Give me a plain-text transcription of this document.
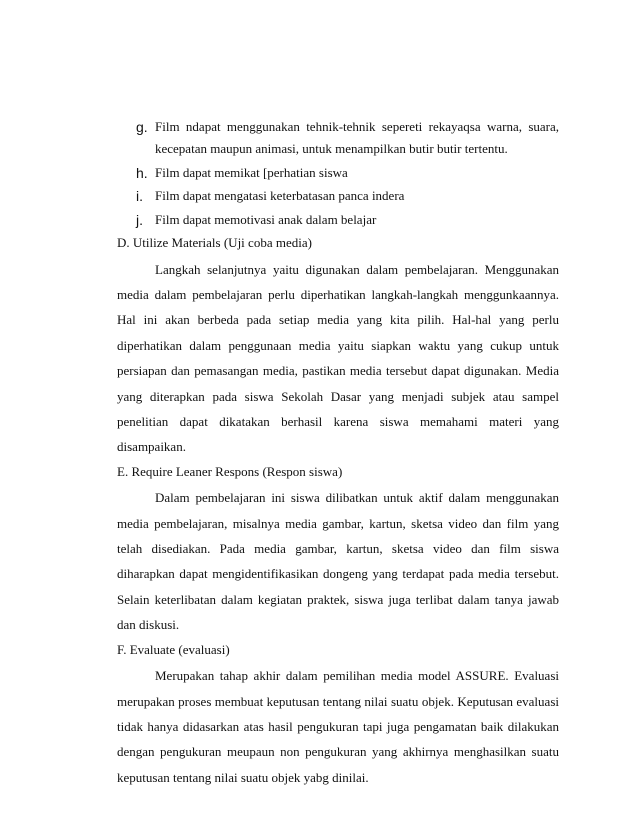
g. Film ndapat menggunakan tehnik-tehnik sepereti rekayaqsa warna, suara, kecepatan maupun animasi, untuk menampilkan butir butir tertentu.
h. Film dapat memikat [perhatian siswa
i. Film dapat mengatasi keterbatasan panca indera
j. Film dapat memotivasi anak dalam belajar
D. Utilize Materials (Uji coba media)

Langkah selanjutnya yaitu digunakan dalam pembelajaran. Menggunakan media dalam pembelajaran perlu diperhatikan langkah-langkah menggunkaannya. Hal ini akan berbeda pada setiap media yang kita pilih. Hal-hal yang perlu diperhatikan dalam penggunaan media yaitu siapkan waktu yang cukup untuk persiapan dan pemasangan media, pastikan media tersebut dapat digunakan. Media yang diterapkan pada siswa Sekolah Dasar yang menjadi subjek atau sampel penelitian dapat dikatakan berhasil karena siswa memahami materi yang disampaikan.

E. Require Leaner Respons (Respon siswa)

Dalam pembelajaran ini siswa dilibatkan untuk aktif dalam menggunakan media pembelajaran, misalnya media gambar, kartun, sketsa video dan film yang telah disediakan. Pada media gambar, kartun, sketsa video dan film siswa diharapkan dapat mengidentifikasikan dongeng yang terdapat pada media tersebut. Selain keterlibatan dalam kegiatan praktek, siswa juga terlibat dalam tanya jawab dan diskusi.

F. Evaluate (evaluasi)

Merupakan tahap akhir dalam pemilihan media model ASSURE. Evaluasi merupakan proses membuat keputusan tentang nilai suatu objek. Keputusan evaluasi tidak hanya didasarkan atas hasil pengukuran tapi juga pengamatan baik dilakukan dengan pengukuran meupaun non pengukuran yang akhirnya menghasilkan suatu keputusan tentang nilai suatu objek yabg dinilai.
